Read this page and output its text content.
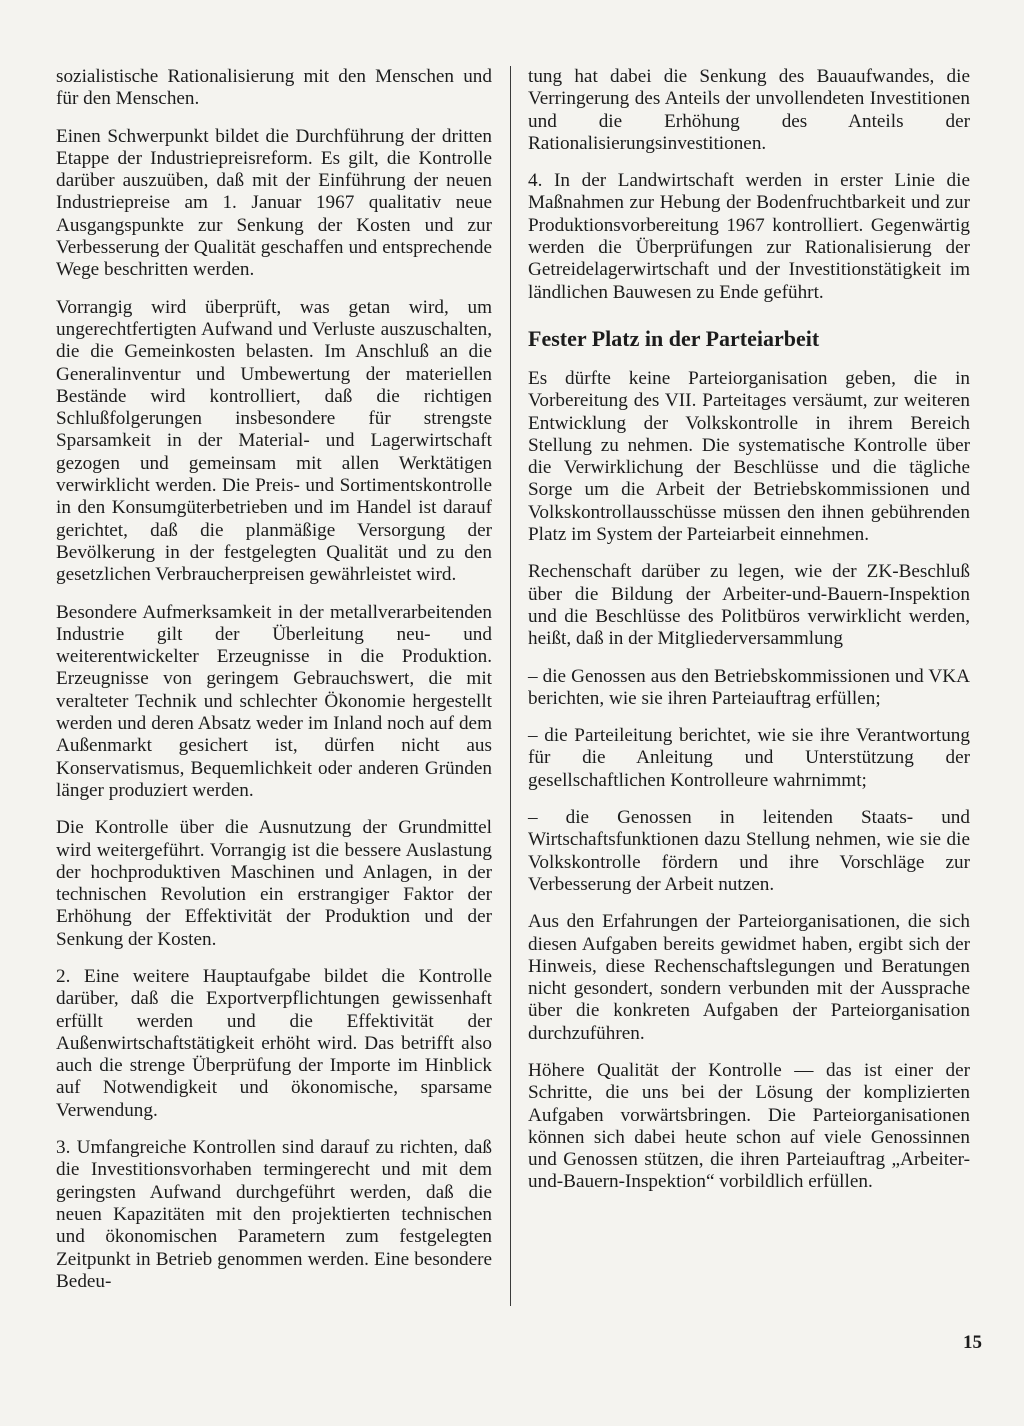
sozialistische Rationalisierung mit den Menschen und für den Menschen.

Einen Schwerpunkt bildet die Durchführung der dritten Etappe der Industriepreisreform. Es gilt, die Kontrolle darüber auszuüben, daß mit der Einführung der neuen Industriepreise am 1. Januar 1967 qualitativ neue Ausgangspunkte zur Senkung der Kosten und zur Verbesserung der Qualität geschaffen und entsprechende Wege beschritten werden.

Vorrangig wird überprüft, was getan wird, um ungerechtfertigten Aufwand und Verluste auszuschalten, die die Gemeinkosten belasten. Im Anschluß an die Generalinventur und Umbewertung der materiellen Bestände wird kontrolliert, daß die richtigen Schlußfolgerungen insbesondere für strengste Sparsamkeit in der Material- und Lagerwirtschaft gezogen und gemeinsam mit allen Werktätigen verwirklicht werden. Die Preis- und Sortimentskontrolle in den Konsumgüterbetrieben und im Handel ist darauf gerichtet, daß die planmäßige Versorgung der Bevölkerung in der festgelegten Qualität und zu den gesetzlichen Verbraucherpreisen gewährleistet wird.

Besondere Aufmerksamkeit in der metallverarbeitenden Industrie gilt der Überleitung neu- und weiterentwickelter Erzeugnisse in die Produktion. Erzeugnisse von geringem Gebrauchswert, die mit veralteter Technik und schlechter Ökonomie hergestellt werden und deren Absatz weder im Inland noch auf dem Außenmarkt gesichert ist, dürfen nicht aus Konservatismus, Bequemlichkeit oder anderen Gründen länger produziert werden.

Die Kontrolle über die Ausnutzung der Grundmittel wird weitergeführt. Vorrangig ist die bessere Auslastung der hochproduktiven Maschinen und Anlagen, in der technischen Revolution ein erstrangiger Faktor der Erhöhung der Effektivität der Produktion und der Senkung der Kosten.

2. Eine weitere Hauptaufgabe bildet die Kontrolle darüber, daß die Exportverpflichtungen gewissenhaft erfüllt werden und die Effektivität der Außenwirtschaftstätigkeit erhöht wird. Das betrifft also auch die strenge Überprüfung der Importe im Hinblick auf Notwendigkeit und ökonomische, sparsame Verwendung.

3. Umfangreiche Kontrollen sind darauf zu richten, daß die Investitionsvorhaben termingerecht und mit dem geringsten Aufwand durchgeführt werden, daß die neuen Kapazitäten mit den projektierten technischen und ökonomischen Parametern zum festgelegten Zeitpunkt in Betrieb genommen werden. Eine besondere Bedeu-

tung hat dabei die Senkung des Bauaufwandes, die Verringerung des Anteils der unvollendeten Investitionen und die Erhöhung des Anteils der Rationalisierungsinvestitionen.

4. In der Landwirtschaft werden in erster Linie die Maßnahmen zur Hebung der Bodenfruchtbarkeit und zur Produktionsvorbereitung 1967 kontrolliert. Gegenwärtig werden die Überprüfungen zur Rationalisierung der Getreidelagerwirtschaft und der Investitionstätigkeit im ländlichen Bauwesen zu Ende geführt.

Fester Platz in der Parteiarbeit

Es dürfte keine Parteiorganisation geben, die in Vorbereitung des VII. Parteitages versäumt, zur weiteren Entwicklung der Volkskontrolle in ihrem Bereich Stellung zu nehmen. Die systematische Kontrolle über die Verwirklichung der Beschlüsse und die tägliche Sorge um die Arbeit der Betriebskommissionen und Volkskontrollausschüsse müssen den ihnen gebührenden Platz im System der Parteiarbeit einnehmen.

Rechenschaft darüber zu legen, wie der ZK-Beschluß über die Bildung der Arbeiter-und-Bauern-Inspektion und die Beschlüsse des Politbüros verwirklicht werden, heißt, daß in der Mitgliederversammlung

– die Genossen aus den Betriebskommissionen und VKA berichten, wie sie ihren Parteiauftrag erfüllen;

– die Parteileitung berichtet, wie sie ihre Verantwortung für die Anleitung und Unterstützung der gesellschaftlichen Kontrolleure wahrnimmt;

– die Genossen in leitenden Staats- und Wirtschaftsfunktionen dazu Stellung nehmen, wie sie die Volkskontrolle fördern und ihre Vorschläge zur Verbesserung der Arbeit nutzen.

Aus den Erfahrungen der Parteiorganisationen, die sich diesen Aufgaben bereits gewidmet haben, ergibt sich der Hinweis, diese Rechenschaftslegungen und Beratungen nicht gesondert, sondern verbunden mit der Aussprache über die konkreten Aufgaben der Parteiorganisation durchzuführen.

Höhere Qualität der Kontrolle — das ist einer der Schritte, die uns bei der Lösung der komplizierten Aufgaben vorwärtsbringen. Die Parteiorganisationen können sich dabei heute schon auf viele Genossinnen und Genossen stützen, die ihren Parteiauftrag „Arbeiter-und-Bauern-Inspektion“ vorbildlich erfüllen.

15
